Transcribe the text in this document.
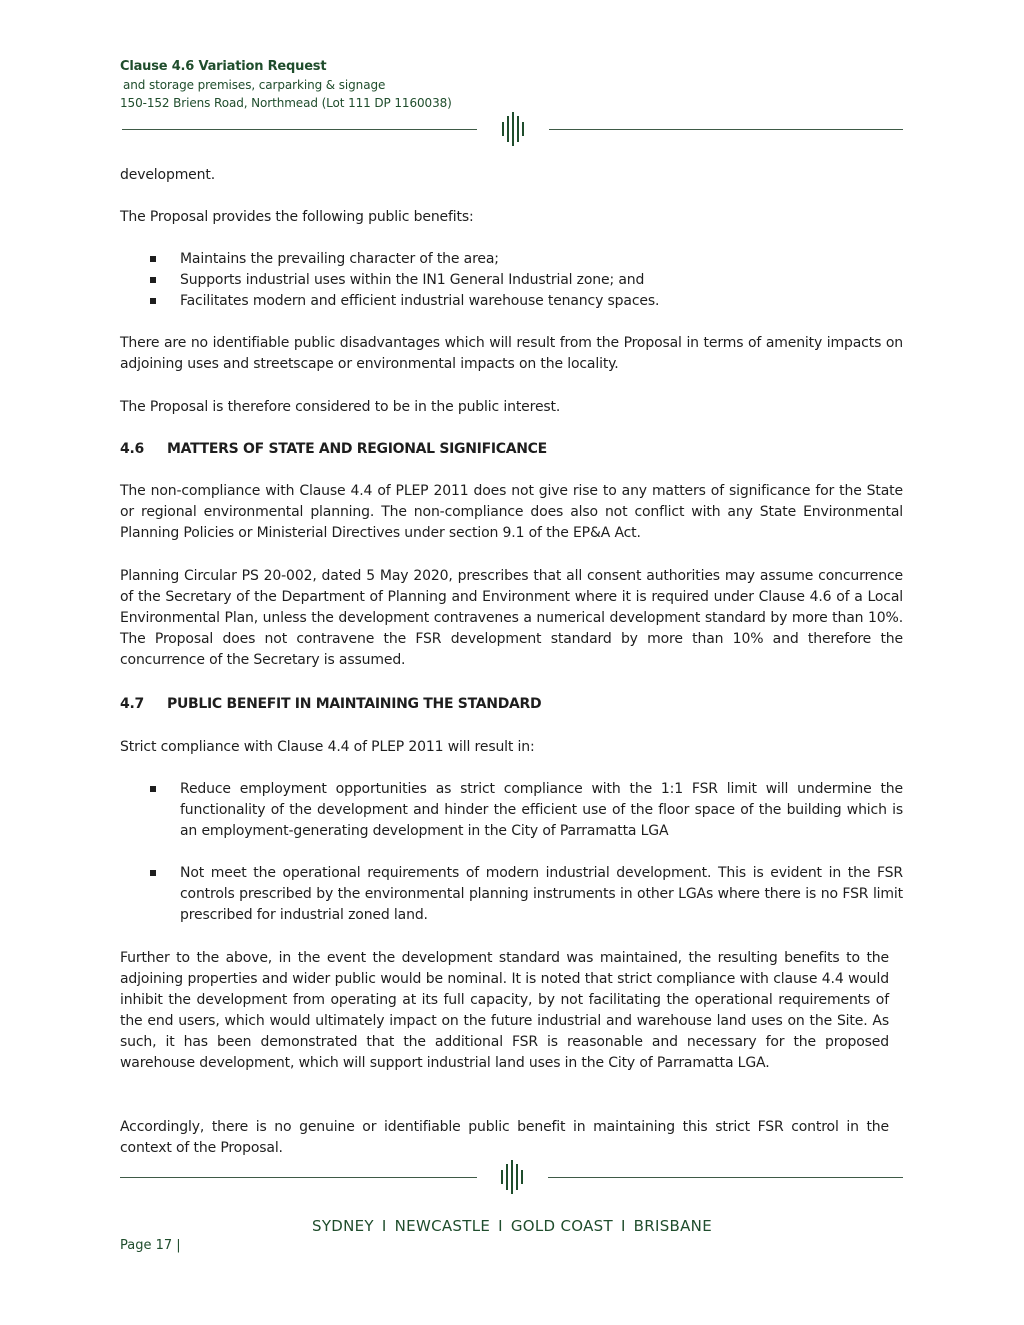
Clause 4.6 Variation Request
and storage premises, carparking & signage
150-152 Briens Road, Northmead (Lot 111 DP 1160038)
development.
The Proposal provides the following public benefits:
Maintains the prevailing character of the area;
Supports industrial uses within the IN1 General Industrial zone; and
Facilitates modern and efficient industrial warehouse tenancy spaces.
There are no identifiable public disadvantages which will result from the Proposal in terms of amenity impacts on adjoining uses and streetscape or environmental impacts on the locality.
The Proposal is therefore considered to be in the public interest.
4.6 MATTERS OF STATE AND REGIONAL SIGNIFICANCE
The non-compliance with Clause 4.4 of PLEP 2011 does not give rise to any matters of significance for the State or regional environmental planning. The non-compliance does also not conflict with any State Environmental Planning Policies or Ministerial Directives under section 9.1 of the EP&A Act.
Planning Circular PS 20-002, dated 5 May 2020, prescribes that all consent authorities may assume concurrence of the Secretary of the Department of Planning and Environment where it is required under Clause 4.6 of a Local Environmental Plan, unless the development contravenes a numerical development standard by more than 10%. The Proposal does not contravene the FSR development standard by more than 10% and therefore the concurrence of the Secretary is assumed.
4.7 PUBLIC BENEFIT IN MAINTAINING THE STANDARD
Strict compliance with Clause 4.4 of PLEP 2011 will result in:
Reduce employment opportunities as strict compliance with the 1:1 FSR limit will undermine the functionality of the development and hinder the efficient use of the floor space of the building which is an employment-generating development in the City of Parramatta LGA
Not meet the operational requirements of modern industrial development. This is evident in the FSR controls prescribed by the environmental planning instruments in other LGAs where there is no FSR limit prescribed for industrial zoned land.
Further to the above, in the event the development standard was maintained, the resulting benefits to the adjoining properties and wider public would be nominal. It is noted that strict compliance with clause 4.4 would inhibit the development from operating at its full capacity, by not facilitating the operational requirements of the end users, which would ultimately impact on the future industrial and warehouse land uses on the Site. As such, it has been demonstrated that the additional FSR is reasonable and necessary for the proposed warehouse development, which will support industrial land uses in the City of Parramatta LGA.
Accordingly, there is no genuine or identifiable public benefit in maintaining this strict FSR control in the context of the Proposal.
SYDNEY I NEWCASTLE I GOLD COAST I BRISBANE
Page 17 |
